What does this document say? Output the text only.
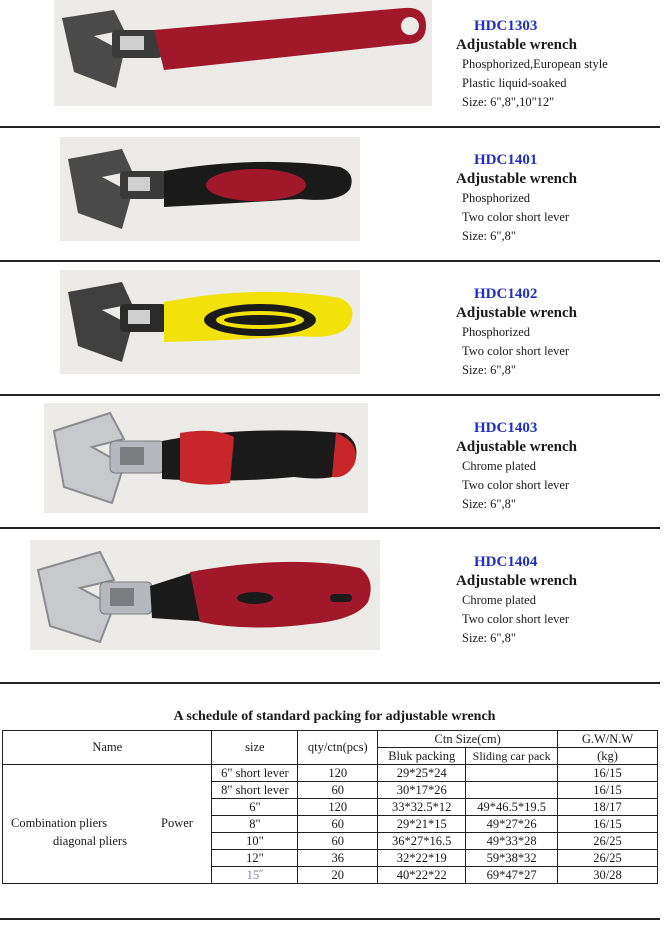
HDC1303
Adjustable wrench
Phosphorized,European style
Plastic liquid-soaked
Size: 6",8",10"12"
HDC1401
Adjustable wrench
Phosphorized
Two color short lever
Size: 6",8"
HDC1402
Adjustable wrench
Phosphorized
Two color short lever
Size: 6",8"
HDC1403
Adjustable wrench
Chrome plated
Two color short lever
Size: 6",8"
HDC1404
Adjustable wrench
Chrome plated
Two color short lever
Size: 6",8"
A schedule of standard packing for adjustable wrench
Name	size	qty/ctn(pcs)	Ctn Size(cm)		G.W/N.W
			Bluk packing	Sliding car pack	(kg)

Combination pliers Power
diagonal pliers	6" short lever	120	29*25*24		16/15
	8" short lever	60	30*17*26		16/15
	6"	120	33*32.5*12	49*46.5*19.5	18/17
	8"	60	29*21*15	49*27*26	16/15
	10"	60	36*27*16.5	49*33*28	26/25
	12"	36	32*22*19	59*38*32	26/25
	15˝	20	40*22*22	69*47*27	30/28
